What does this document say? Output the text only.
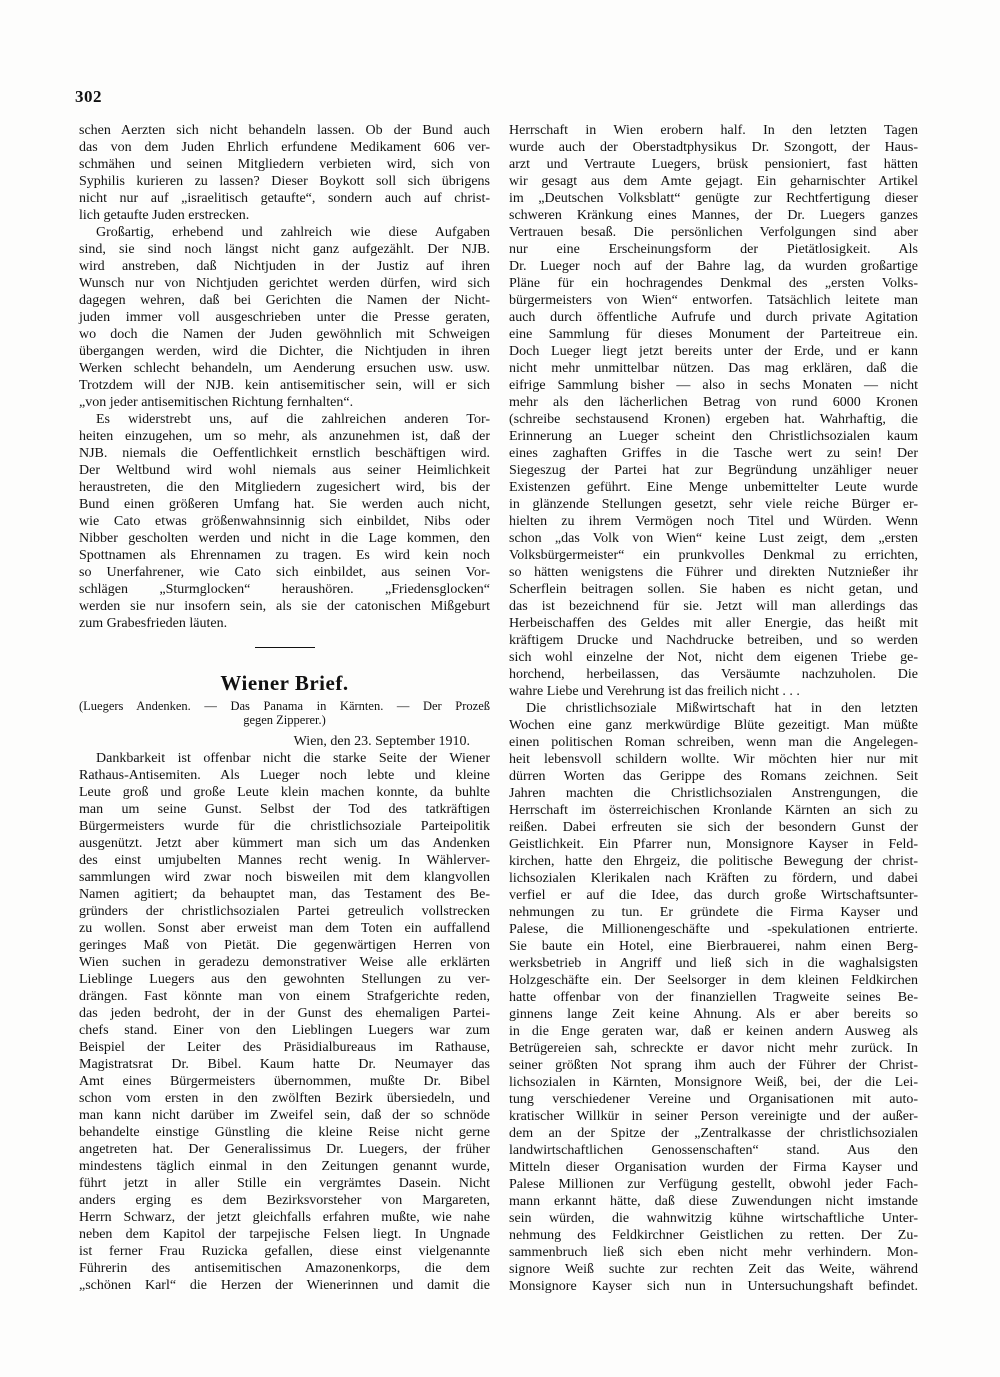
302
schen Aerzten sich nicht behandeln lassen. Ob der Bund auch
das von dem Juden Ehrlich erfundene Medikament 606 ver-
schmähen und seinen Mitgliedern verbieten wird, sich von
Syphilis kurieren zu lassen? Dieser Boykott soll sich übrigens
nicht nur auf „israelitisch getaufte“, sondern auch auf christ-
lich getaufte Juden erstrecken.
Großartig, erhebend und zahlreich wie diese Aufgaben
sind, sie sind noch längst nicht ganz aufgezählt. Der NJB.
wird anstreben, daß Nichtjuden in der Justiz auf ihren
Wunsch nur von Nichtjuden gerichtet werden dürfen, wird sich
dagegen wehren, daß bei Gerichten die Namen der Nicht-
juden immer voll ausgeschrieben unter die Presse geraten,
wo doch die Namen der Juden gewöhnlich mit Schweigen
übergangen werden, wird die Dichter, die Nichtjuden in ihren
Werken schlecht behandeln, um Aenderung ersuchen usw. usw.
Trotzdem will der NJB. kein antisemitischer sein, will er sich
„von jeder antisemitischen Richtung fernhalten“.
Es widerstrebt uns, auf die zahlreichen anderen Tor-
heiten einzugehen, um so mehr, als anzunehmen ist, daß der
NJB. niemals die Oeffentlichkeit ernstlich beschäftigen wird.
Der Weltbund wird wohl niemals aus seiner Heimlichkeit
heraustreten, die den Mitgliedern zugesichert wird, bis der
Bund einen größeren Umfang hat. Sie werden auch nicht,
wie Cato etwas größenwahnsinnig sich einbildet, Nibs oder
Nibber gescholten werden und nicht in die Lage kommen, den
Spottnamen als Ehrennamen zu tragen. Es wird kein noch
so Unerfahrener, wie Cato sich einbildet, aus seinen Vor-
schlägen „Sturmglocken“ heraushören. „Friedensglocken“
werden sie nur insofern sein, als sie der catonischen Mißgeburt
zum Grabesfrieden läuten.
Wiener Brief.
(Luegers Andenken. — Das Panama in Kärnten. — Der Prozeß
gegen Zipperer.)
Wien, den 23. September 1910.
Dankbarkeit ist offenbar nicht die starke Seite der Wiener
Rathaus-Antisemiten. Als Lueger noch lebte und kleine
Leute groß und große Leute klein machen konnte, da buhlte
man um seine Gunst. Selbst der Tod des tatkräftigen
Bürgermeisters wurde für die christlichsoziale Parteipolitik
ausgenützt. Jetzt aber kümmert man sich um das Andenken
des einst umjubelten Mannes recht wenig. In Wählerver-
sammlungen wird zwar noch bisweilen mit dem klangvollen
Namen agitiert; da behauptet man, das Testament des Be-
gründers der christlichsozialen Partei getreulich vollstrecken
zu wollen. Sonst aber erweist man dem Toten ein auffallend
geringes Maß von Pietät. Die gegenwärtigen Herren von
Wien suchen in geradezu demonstrativer Weise alle erklärten
Lieblinge Luegers aus den gewohnten Stellungen zu ver-
drängen. Fast könnte man von einem Strafgerichte reden,
das jeden bedroht, der in der Gunst des ehemaligen Partei-
chefs stand. Einer von den Lieblingen Luegers war zum
Beispiel der Leiter des Präsidialbureaus im Rathause,
Magistratsrat Dr. Bibel. Kaum hatte Dr. Neumayer das
Amt eines Bürgermeisters übernommen, mußte Dr. Bibel
schon vom ersten in den zwölften Bezirk übersiedeln, und
man kann nicht darüber im Zweifel sein, daß der so schnöde
behandelte einstige Günstling die kleine Reise nicht gerne
angetreten hat. Der Generalissimus Dr. Luegers, der früher
mindestens täglich einmal in den Zeitungen genannt wurde,
führt jetzt in aller Stille ein vergrämtes Dasein. Nicht
anders erging es dem Bezirksvorsteher von Margareten,
Herrn Schwarz, der jetzt gleichfalls erfahren mußte, wie nahe
neben dem Kapitol der tarpejische Felsen liegt. In Ungnade
ist ferner Frau Ruzicka gefallen, diese einst vielgenannte
Führerin des antisemitischen Amazonenkorps, die dem
„schönen Karl“ die Herzen der Wienerinnen und damit die
Herrschaft in Wien erobern half. In den letzten Tagen
wurde auch der Oberstadtphysikus Dr. Szongott, der Haus-
arzt und Vertraute Luegers, brüsk pensioniert, fast hätten
wir gesagt aus dem Amte gejagt. Ein geharnischter Artikel
im „Deutschen Volksblatt“ genügte zur Rechtfertigung dieser
schweren Kränkung eines Mannes, der Dr. Luegers ganzes
Vertrauen besaß. Die persönlichen Verfolgungen sind aber
nur eine Erscheinungsform der Pietätlosigkeit. Als
Dr. Lueger noch auf der Bahre lag, da wurden großartige
Pläne für ein hochragendes Denkmal des „ersten Volks-
bürgermeisters von Wien“ entworfen. Tatsächlich leitete man
auch durch öffentliche Aufrufe und durch private Agitation
eine Sammlung für dieses Monument der Parteitreue ein.
Doch Lueger liegt jetzt bereits unter der Erde, und er kann
nicht mehr unmittelbar nützen. Das mag erklären, daß die
eifrige Sammlung bisher — also in sechs Monaten — nicht
mehr als den lächerlichen Betrag von rund 6000 Kronen
(schreibe sechstausend Kronen) ergeben hat. Wahrhaftig, die
Erinnerung an Lueger scheint den Christlichsozialen kaum
eines zaghaften Griffes in die Tasche wert zu sein! Der
Siegeszug der Partei hat zur Begründung unzähliger neuer
Existenzen geführt. Eine Menge unbemittelter Leute wurde
in glänzende Stellungen gesetzt, sehr viele reiche Bürger er-
hielten zu ihrem Vermögen noch Titel und Würden. Wenn
schon „das Volk von Wien“ keine Lust zeigt, dem „ersten
Volksbürgermeister“ ein prunkvolles Denkmal zu errichten,
so hätten wenigstens die Führer und direkten Nutznießer ihr
Scherflein beitragen sollen. Sie haben es nicht getan, und
das ist bezeichnend für sie. Jetzt will man allerdings das
Herbeischaffen des Geldes mit aller Energie, das heißt mit
kräftigem Drucke und Nachdrucke betreiben, und so werden
sich wohl einzelne der Not, nicht dem eigenen Triebe ge-
horchend, herbeilassen, das Versäumte nachzuholen. Die
wahre Liebe und Verehrung ist das freilich nicht . . .
Die christlichsoziale Mißwirtschaft hat in den letzten
Wochen eine ganz merkwürdige Blüte gezeitigt. Man müßte
einen politischen Roman schreiben, wenn man die Angelegen-
heit lebensvoll schildern wollte. Wir möchten hier nur mit
dürren Worten das Gerippe des Romans zeichnen. Seit
Jahren machten die Christlichsozialen Anstrengungen, die
Herrschaft im österreichischen Kronlande Kärnten an sich zu
reißen. Dabei erfreuten sie sich der besondern Gunst der
Geistlichkeit. Ein Pfarrer nun, Monsignore Kayser in Feld-
kirchen, hatte den Ehrgeiz, die politische Bewegung der christ-
lichsozialen Klerikalen nach Kräften zu fördern, und dabei
verfiel er auf die Idee, das durch große Wirtschaftsunter-
nehmungen zu tun. Er gründete die Firma Kayser und
Palese, die Millionengeschäfte und -spekulationen entrierte.
Sie baute ein Hotel, eine Bierbrauerei, nahm einen Berg-
werksbetrieb in Angriff und ließ sich in die waghalsigsten
Holzgeschäfte ein. Der Seelsorger in dem kleinen Feldkirchen
hatte offenbar von der finanziellen Tragweite seines Be-
ginnens lange Zeit keine Ahnung. Als er aber bereits so
in die Enge geraten war, daß er keinen andern Ausweg als
Betrügereien sah, schreckte er davor nicht mehr zurück. In
seiner größten Not sprang ihm auch der Führer der Christ-
lichsozialen in Kärnten, Monsignore Weiß, bei, der die Lei-
tung verschiedener Vereine und Organisationen mit auto-
kratischer Willkür in seiner Person vereinigte und der außer-
dem an der Spitze der „Zentralkasse der christlichsozialen
landwirtschaftlichen Genossenschaften“ stand. Aus den
Mitteln dieser Organisation wurden der Firma Kayser und
Palese Millionen zur Verfügung gestellt, obwohl jeder Fach-
mann erkannt hätte, daß diese Zuwendungen nicht imstande
sein würden, die wahnwitzig kühne wirtschaftliche Unter-
nehmung des Feldkirchner Geistlichen zu retten. Der Zu-
sammenbruch ließ sich eben nicht mehr verhindern. Mon-
signore Weiß suchte zur rechten Zeit das Weite, während
Monsignore Kayser sich nun in Untersuchungshaft befindet.
